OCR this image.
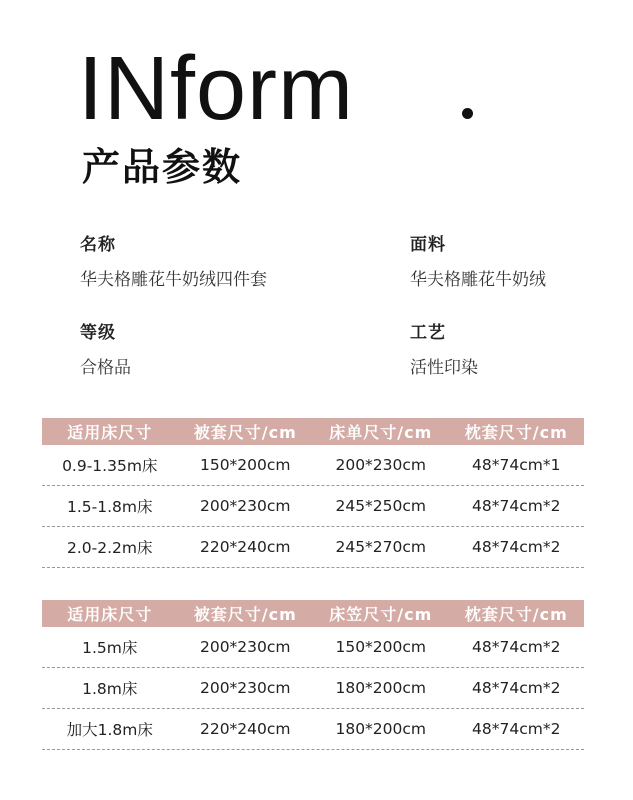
INform
产品参数
名称
华夫格雕花牛奶绒四件套
面料
华夫格雕花牛奶绒
等级
合格品
工艺
活性印染
适用床尺寸	被套尺寸/cm	床单尺寸/cm	枕套尺寸/cm
0.9-1.35m床	150*200cm	200*230cm	48*74cm*1
1.5-1.8m床	200*230cm	245*250cm	48*74cm*2
2.0-2.2m床	220*240cm	245*270cm	48*74cm*2
适用床尺寸	被套尺寸/cm	床笠尺寸/cm	枕套尺寸/cm
1.5m床	200*230cm	150*200cm	48*74cm*2
1.8m床	200*230cm	180*200cm	48*74cm*2
加大1.8m床	220*240cm	180*200cm	48*74cm*2
